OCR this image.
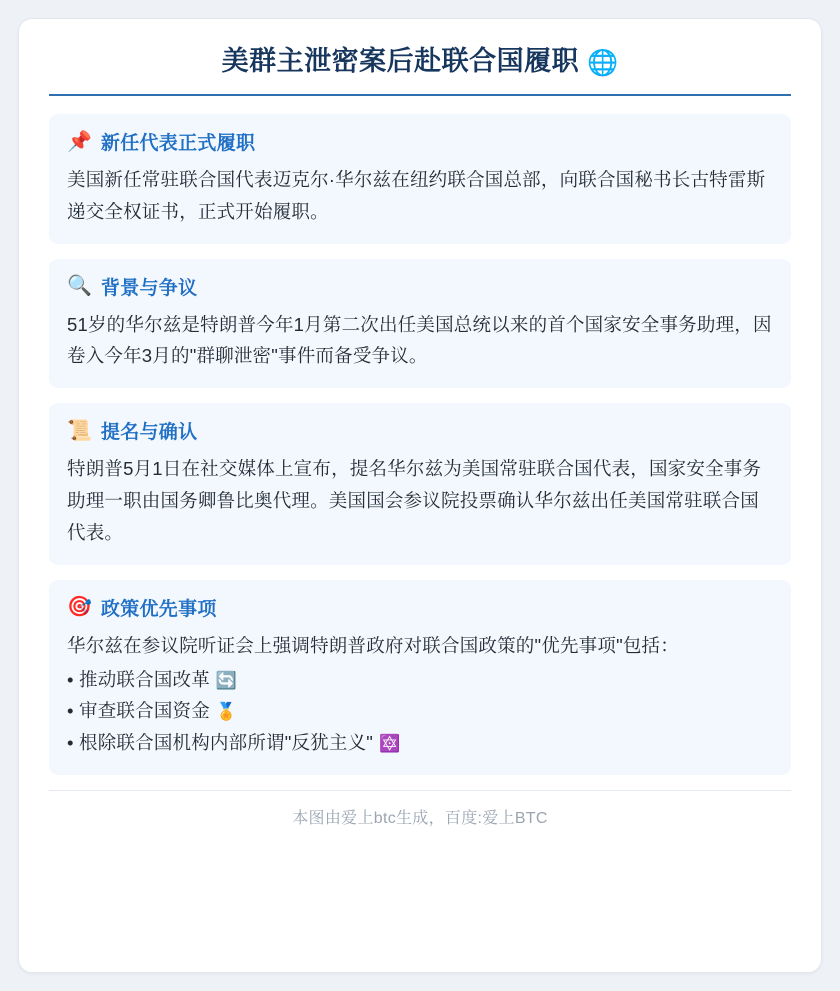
美群主泄密案后赴联合国履职 🌐
📌 新任代表正式履职
美国新任常驻联合国代表迈克尔·华尔兹在纽约联合国总部，向联合国秘书长古特雷斯递交全权证书，正式开始履职。
🔍 背景与争议
51岁的华尔兹是特朗普今年1月第二次出任美国总统以来的首个国家安全事务助理，因卷入今年3月的"群聊泄密"事件而备受争议。
📜 提名与确认
特朗普5月1日在社交媒体上宣布，提名华尔兹为美国常驻联合国代表，国家安全事务助理一职由国务卿鲁比奥代理。美国国会参议院投票确认华尔兹出任美国常驻联合国代表。
🎯 政策优先事项
华尔兹在参议院听证会上强调特朗普政府对联合国政策的"优先事项"包括：
• 推动联合国改革 🔄
• 审查联合国资金 🏅
• 根除联合国机构内部所谓"反犹主义" 🔯
本图由爱上btc生成，百度:爱上BTC
